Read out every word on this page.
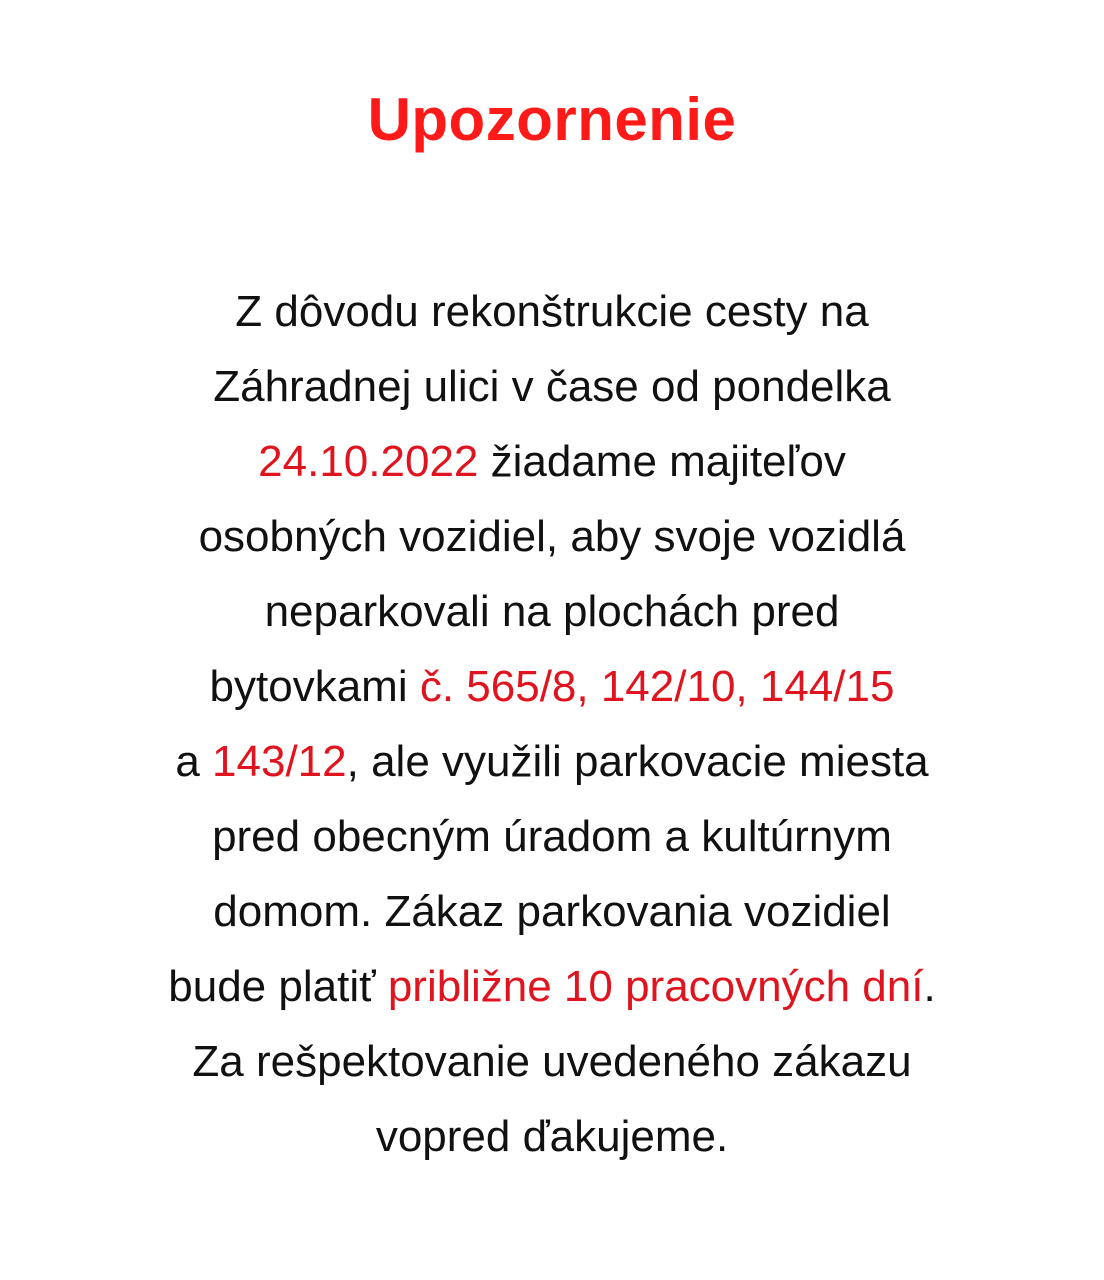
Upozornenie
Z dôvodu rekonštrukcie cesty na
Záhradnej ulici v čase od pondelka
24.10.2022 žiadame majiteľov
osobných vozidiel, aby svoje vozidlá
neparkovali na plochách pred
bytovkami č. 565/8, 142/10, 144/15
a 143/12, ale využili parkovacie miesta
pred obecným úradom a kultúrnym
domom. Zákaz parkovania vozidiel
bude platiť približne 10 pracovných dní.
Za rešpektovanie uvedeného zákazu
vopred ďakujeme.
